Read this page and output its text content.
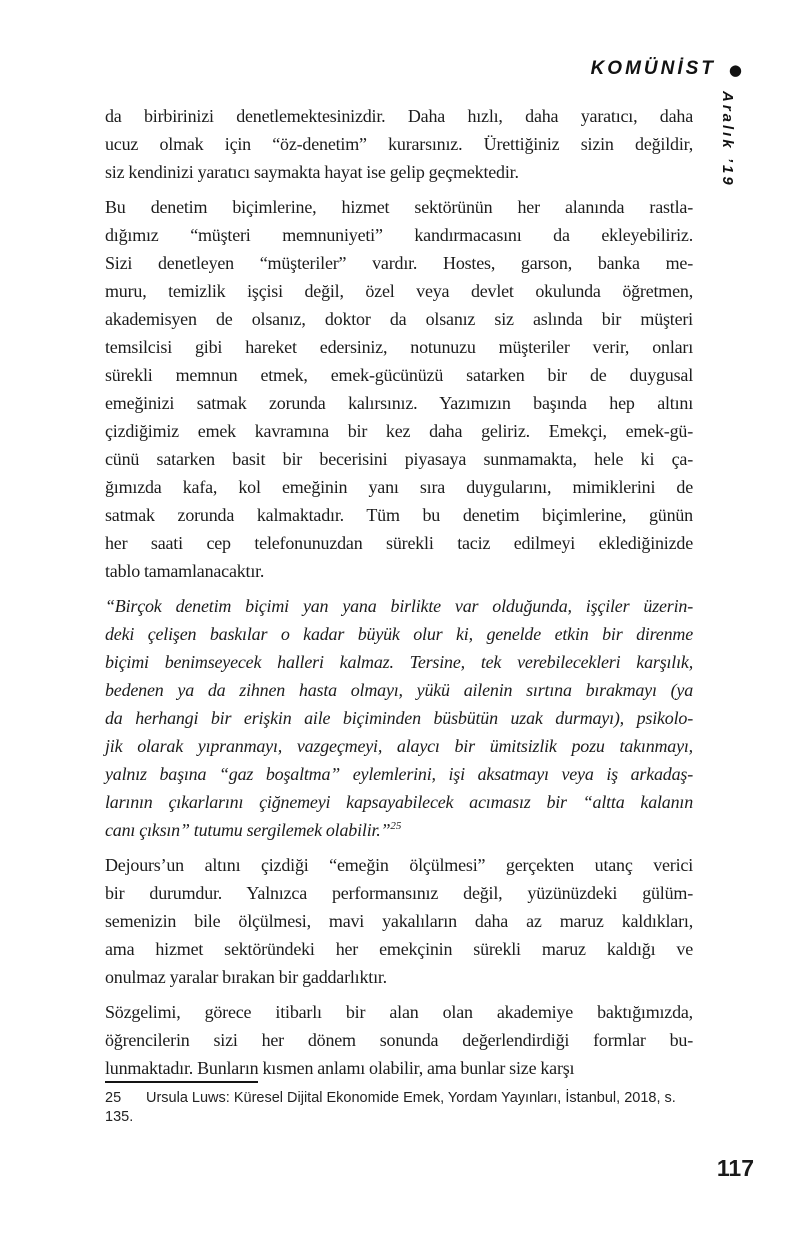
KOMÜNİST ●
Aralık ’19
da birbirinizi denetlemektesinizdir. Daha hızlı, daha yaratıcı, daha
ucuz olmak için “öz-denetim” kurarsınız. Ürettiğiniz sizin değildir,
siz kendinizi yaratıcı saymakta hayat ise gelip geçmektedir.
Bu denetim biçimlerine, hizmet sektörünün her alanında rastla-
dığımız “müşteri memnuniyeti” kandırmacasını da ekleyebiliriz.
Sizi denetleyen “müşteriler” vardır. Hostes, garson, banka me-
muru, temizlik işçisi değil, özel veya devlet okulunda öğretmen,
akademisyen de olsanız, doktor da olsanız siz aslında bir müşteri
temsilcisi gibi hareket edersiniz, notunuzu müşteriler verir, onları
sürekli memnun etmek, emek-gücünüzü satarken bir de duygusal
emeğinizi satmak zorunda kalırsınız. Yazımızın başında hep altını
çizdiğimiz emek kavramına bir kez daha geliriz. Emekçi, emek-gü-
cünü satarken basit bir becerisini piyasaya sunmamakta, hele ki ça-
ğımızda kafa, kol emeğinin yanı sıra duygularını, mimiklerini de
satmak zorunda kalmaktadır. Tüm bu denetim biçimlerine, günün
her saati cep telefonunuzdan sürekli taciz edilmeyi eklediğinizde
tablo tamamlanacaktır.
“Birçok denetim biçimi yan yana birlikte var olduğunda, işçiler üzerin-
deki çelişen baskılar o kadar büyük olur ki, genelde etkin bir direnme
biçimi benimseyecek halleri kalmaz. Tersine, tek verebilecekleri karşılık,
bedenen ya da zihnen hasta olmayı, yükü ailenin sırtına bırakmayı (ya
da herhangi bir erişkin aile biçiminden büsbütün uzak durmayı), psikolo-
jik olarak yıpranmayı, vazgeçmeyi, alaycı bir ümitsizlik pozu takınmayı,
yalnız başına “gaz boşaltma” eylemlerini, işi aksatmayı veya iş arkadaş-
larının çıkarlarını çiğnemeyi kapsayabilecek acımasız bir “altta kalanın
canı çıksın” tutumu sergilemek olabilir.”$^{25}$
Dejours’un altını çizdiği “emeğin ölçülmesi” gerçekten utanç verici
bir durumdur. Yalnızca performansınız değil, yüzünüzdeki gülüm-
semenizin bile ölçülmesi, mavi yakalıların daha az maruz kaldıkları,
ama hizmet sektöründeki her emekçinin sürekli maruz kaldığı ve
onulmaz yaralar bırakan bir gaddarlıktır.
Sözgelimi, görece itibarlı bir alan olan akademiye baktığımızda,
öğrencilerin sizi her dönem sonunda değerlendirdiği formlar bu-
lunmaktadır. Bunların kısmen anlamı olabilir, ama bunlar size karşı
25 Ursula Luws: Küresel Dijital Ekonomide Emek, Yordam Yayınları, İstanbul, 2018, s.
135.
117
